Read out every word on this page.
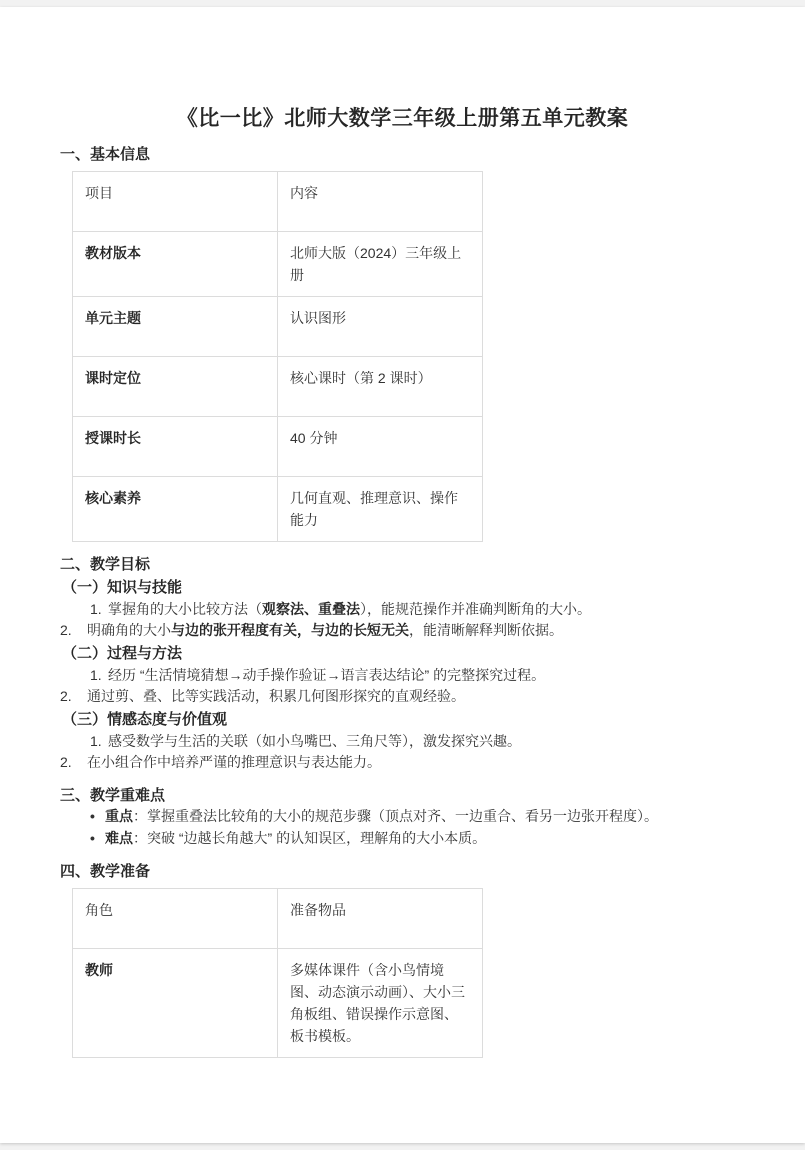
《比一比》北师大数学三年级上册第五单元教案
一、基本信息
项目	内容
教材版本	北师大版（2024）三年级上册
单元主题	认识图形
课时定位	核心课时（第 2 课时）
授课时长	40 分钟
核心素养	几何直观、推理意识、操作能力
二、教学目标
（一）知识与技能
1. 掌握角的大小比较方法（观察法、重叠法），能规范操作并准确判断角的大小。
2.	明确角的大小与边的张开程度有关，与边的长短无关，能清晰解释判断依据。
（二）过程与方法
1. 经历 “生活情境猜想→动手操作验证→语言表达结论” 的完整探究过程。
2.	通过剪、叠、比等实践活动，积累几何图形探究的直观经验。
（三）情感态度与价值观
1. 感受数学与生活的关联（如小鸟嘴巴、三角尺等），激发探究兴趣。
2.	在小组合作中培养严谨的推理意识与表达能力。
三、教学重难点
• 重点：掌握重叠法比较角的大小的规范步骤（顶点对齐、一边重合、看另一边张开程度）。
• 难点：突破 “边越长角越大” 的认知误区，理解角的大小本质。
四、教学准备
角色	准备物品
教师	多媒体课件（含小鸟情境图、动态演示动画）、大小三角板组、错误操作示意图、板书模板。
